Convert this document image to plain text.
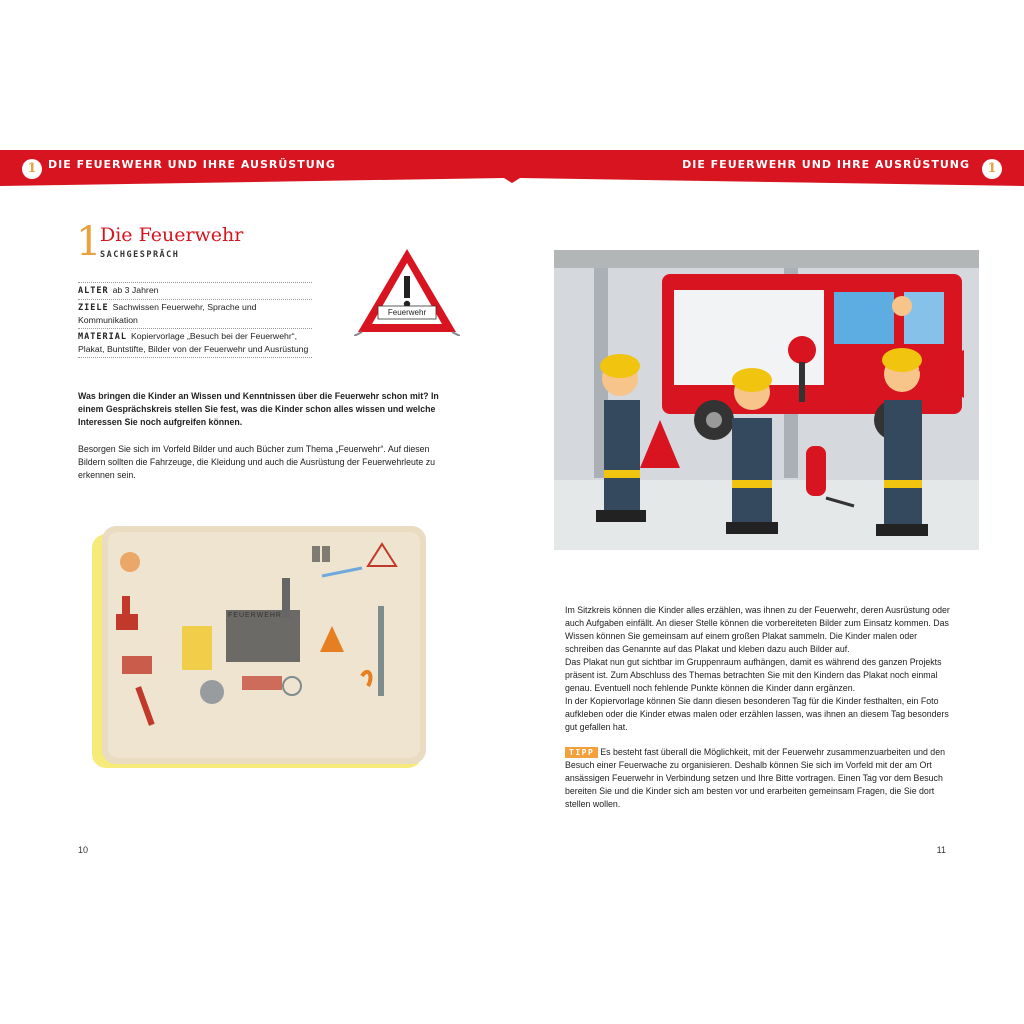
1	DIE FEUERWEHR UND IHRE AUSRÜSTUNG	DIE FEUERWEHR UND IHRE AUSRÜSTUNG	1
1
Die Feuerwehr
SACHGESPRÄCH
ALTER ab 3 Jahren
ZIELE Sachwissen Feuerwehr, Sprache und Kommunikation
MATERIAL Kopiervorlage „Besuch bei der Feuerwehr“, Plakat, Buntstifte, Bilder von der Feuerwehr und Ausrüstung
Feuerwehr
Was bringen die Kinder an Wissen und Kenntnissen über die Feuerwehr schon mit? In einem Gesprächskreis stellen Sie fest, was die Kinder schon alles wissen und welche Interessen Sie noch aufgreifen können.
Besorgen Sie sich im Vorfeld Bilder und auch Bücher zum Thema „Feuerwehr“. Auf diesen Bildern sollten die Fahrzeuge, die Kleidung und auch die Ausrüstung der Feuerwehrleute zu erkennen sein.
FEUERWEHR

Im Sitzkreis können die Kinder alles erzählen, was ihnen zu der Feuerwehr, deren Ausrüstung oder auch Aufgaben einfällt. An dieser Stelle können die vorbereiteten Bilder zum Einsatz kommen. Das Wissen können Sie gemeinsam auf einem großen Plakat sammeln. Die Kinder malen oder schreiben das Genannte auf das Plakat und kleben dazu auch Bilder auf.

Das Plakat nun gut sichtbar im Gruppenraum aufhängen, damit es während des ganzen Projekts präsent ist. Zum Abschluss des Themas betrachten Sie mit den Kindern das Plakat noch einmal genau. Eventuell noch fehlende Punkte können die Kinder dann ergänzen.

In der Kopiervorlage können Sie dann diesen besonderen Tag für die Kinder festhalten, ein Foto aufkleben oder die Kinder etwas malen oder erzählen lassen, was ihnen an diesem Tag besonders gut gefallen hat.

TIPP Es besteht fast überall die Möglichkeit, mit der Feuerwehr zusammenzuarbeiten und den Besuch einer Feuerwache zu organisieren. Deshalb können Sie sich im Vorfeld mit der am Ort ansässigen Feuerwehr in Verbindung setzen und Ihre Bitte vortragen. Einen Tag vor dem Besuch bereiten Sie und die Kinder sich am besten vor und erarbeiten gemeinsam Fragen, die Sie dort stellen wollen.
10	11
